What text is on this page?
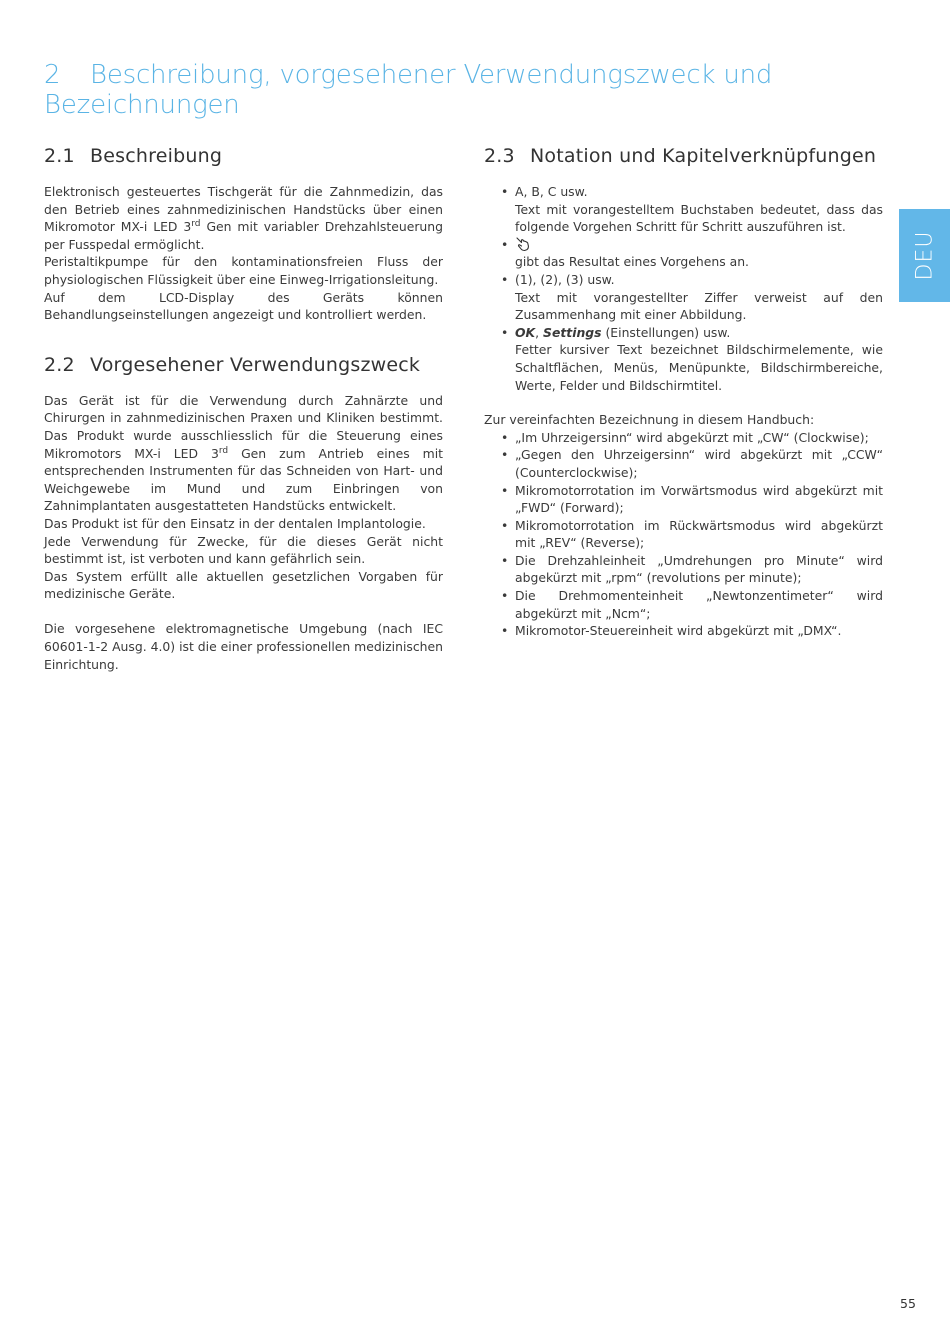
2 Beschreibung, vorgesehener Verwendungszweck und Bezeichnungen
2.1 Beschreibung

Elektronisch gesteuertes Tischgerät für die Zahnmedizin, das den Betrieb eines zahnmedizinischen Handstücks über einen Mikromotor MX-i LED 3rd Gen mit variabler Drehzahlsteuerung per Fusspedal ermöglicht.

Peristaltikpumpe für den kontaminationsfreien Fluss der physiologischen Flüssigkeit über eine Einweg-Irrigationsleitung.

Auf dem LCD-Display des Geräts können Behandlungseinstellungen angezeigt und kontrolliert werden.

2.2 Vorgesehener Verwendungszweck

Das Gerät ist für die Verwendung durch Zahnärzte und Chirurgen in zahnmedizinischen Praxen und Kliniken bestimmt. Das Produkt wurde ausschliesslich für die Steuerung eines Mikromotors MX-i LED 3rd Gen zum Antrieb eines mit entsprechenden Instrumenten für das Schneiden von Hart- und Weichgewebe im Mund und zum Einbringen von Zahnimplantaten ausgestatteten Handstücks entwickelt.

Das Produkt ist für den Einsatz in der dentalen Implantologie.

Jede Verwendung für Zwecke, für die dieses Gerät nicht bestimmt ist, ist verboten und kann gefährlich sein.

Das System erfüllt alle aktuellen gesetzlichen Vorgaben für medizinische Geräte.

Die vorgesehene elektromagnetische Umgebung (nach IEC 60601-1-2 Ausg. 4.0) ist die einer professionellen medizinischen Einrichtung.

2.3 Notation und Kapitelverknüpfungen
• A, B, C usw.
Text mit vorangestelltem Buchstaben bedeutet, dass das folgende Vorgehen Schritt für Schritt auszuführen ist.
•
gibt das Resultat eines Vorgehens an.
• (1), (2), (3) usw.
Text mit vorangestellter Ziffer verweist auf den Zusammenhang mit einer Abbildung.
• OK, Settings (Einstellungen) usw.
Fetter kursiver Text bezeichnet Bildschirmelemente, wie Schaltflächen, Menüs, Menüpunkte, Bildschirmbereiche, Werte, Felder und Bildschirmtitel.

Zur vereinfachten Bezeichnung in diesem Handbuch:

• „Im Uhrzeigersinn“ wird abgekürzt mit „CW“ (Clockwise);
• „Gegen den Uhrzeigersinn“ wird abgekürzt mit „CCW“ (Counterclockwise);
• Mikromotorrotation im Vorwärtsmodus wird abgekürzt mit „FWD“ (Forward);
• Mikromotorrotation im Rückwärtsmodus wird abgekürzt mit „REV“ (Reverse);
• Die Drehzahleinheit „Umdrehungen pro Minute“ wird abgekürzt mit „rpm“ (revolutions per minute);
• Die Drehmomenteinheit „Newtonzentimeter“ wird abgekürzt mit „Ncm“;
• Mikromotor-Steuereinheit wird abgekürzt mit „DMX“.
DEU
55
